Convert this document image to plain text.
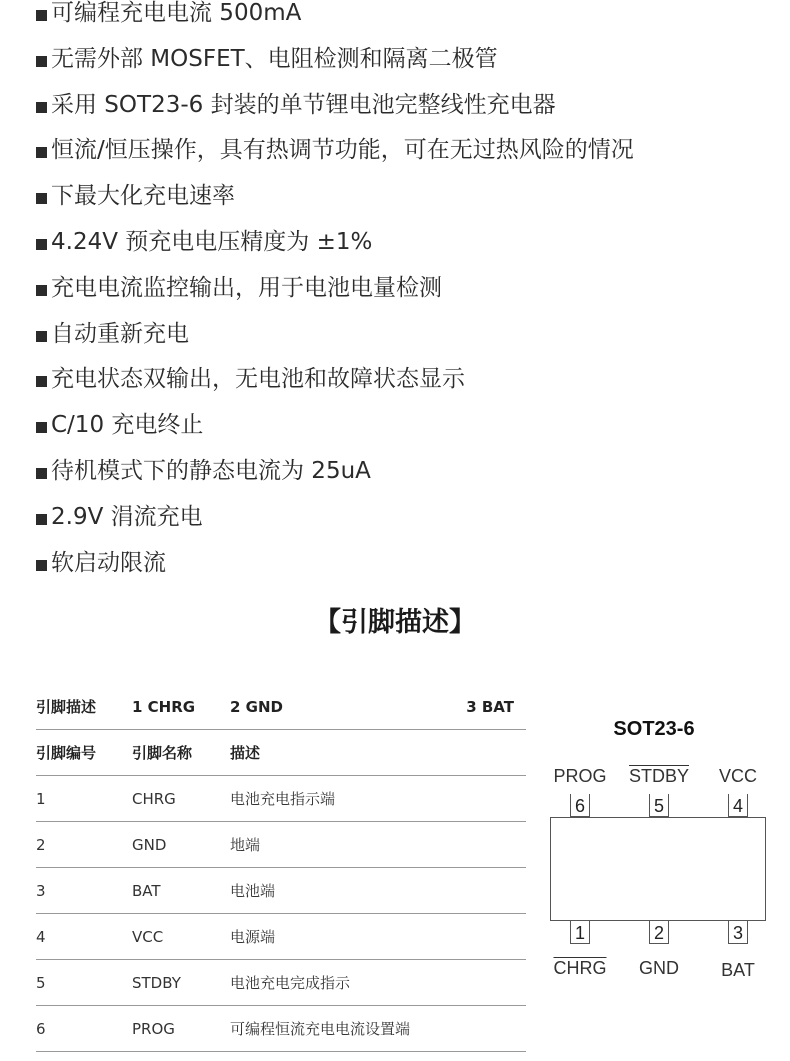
可编程充电电流 500mA
无需外部 MOSFET、电阻检测和隔离二极管
采用 SOT23-6 封装的单节锂电池完整线性充电器
恒流/恒压操作，具有热调节功能，可在无过热风险的情况
下最大化充电速率
4.24V 预充电电压精度为 ±1%
充电电流监控输出，用于电池电量检测
自动重新充电
充电状态双输出，无电池和故障状态显示
C/10 充电终止
待机模式下的静态电流为 25uA
2.9V 涓流充电
软启动限流
【引脚描述】
引脚描述	1 CHRG	2 GND	3 BAT
引脚编号	引脚名称	描述	
1	CHRG	电池充电指示端	
2	GND	地端	
3	BAT	电池端	
4	VCC	电源端	
5	STDBY	电池充电完成指示	
6	PROG	可编程恒流充电电流设置端	
SOT23-6
PROG STDBY	VCC
6	5	4
1	2	3
CHRG	GND	BAT
